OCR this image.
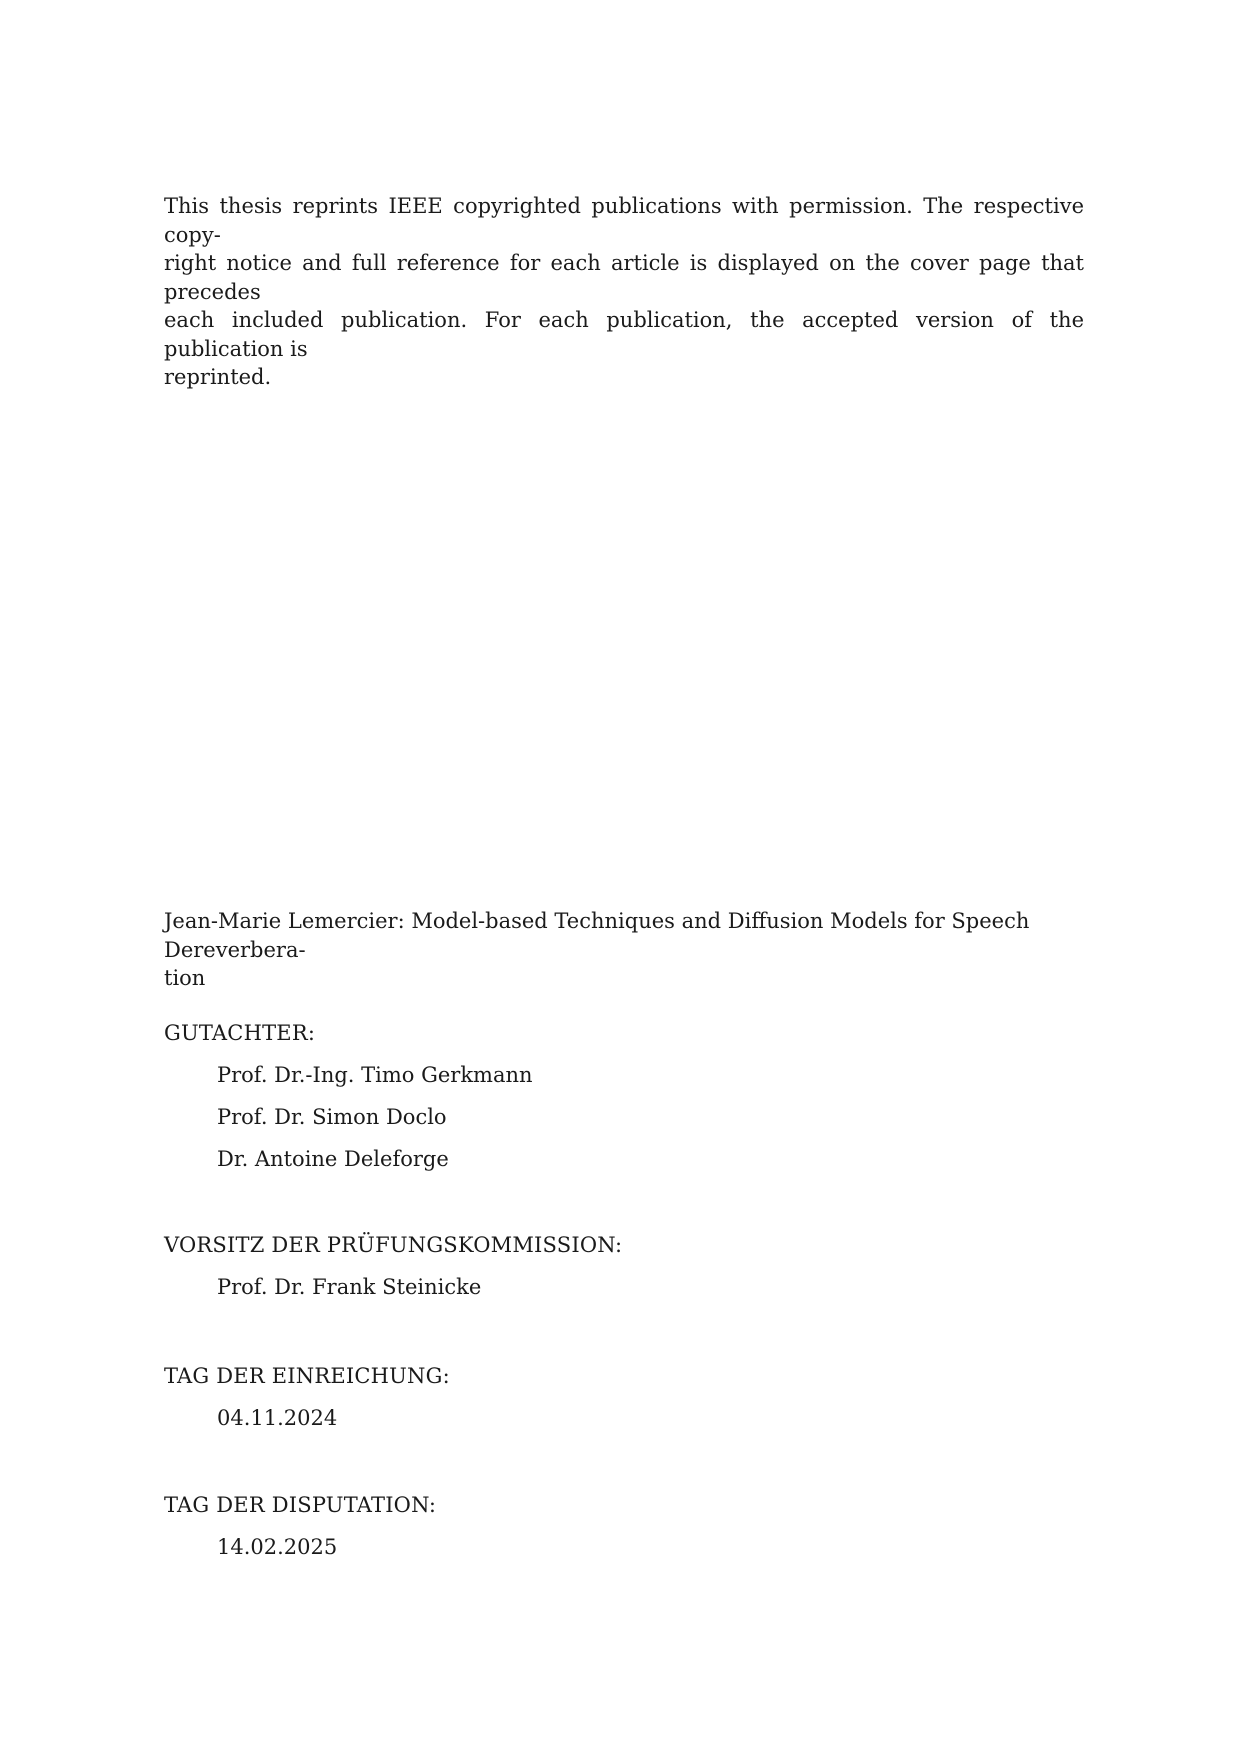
This thesis reprints IEEE copyrighted publications with permission. The respective copy-
right notice and full reference for each article is displayed on the cover page that precedes
each included publication. For each publication, the accepted version of the publication is
reprinted.

Jean-Marie Lemercier: Model-based Techniques and Diffusion Models for Speech Dereverbera-
tion

GUTACHTER:

Prof. Dr.-Ing. Timo Gerkmann

Prof. Dr. Simon Doclo

Dr. Antoine Deleforge

VORSITZ DER PRÜFUNGSKOMMISSION:

Prof. Dr. Frank Steinicke

TAG DER EINREICHUNG:

04.11.2024

TAG DER DISPUTATION:

14.02.2025
